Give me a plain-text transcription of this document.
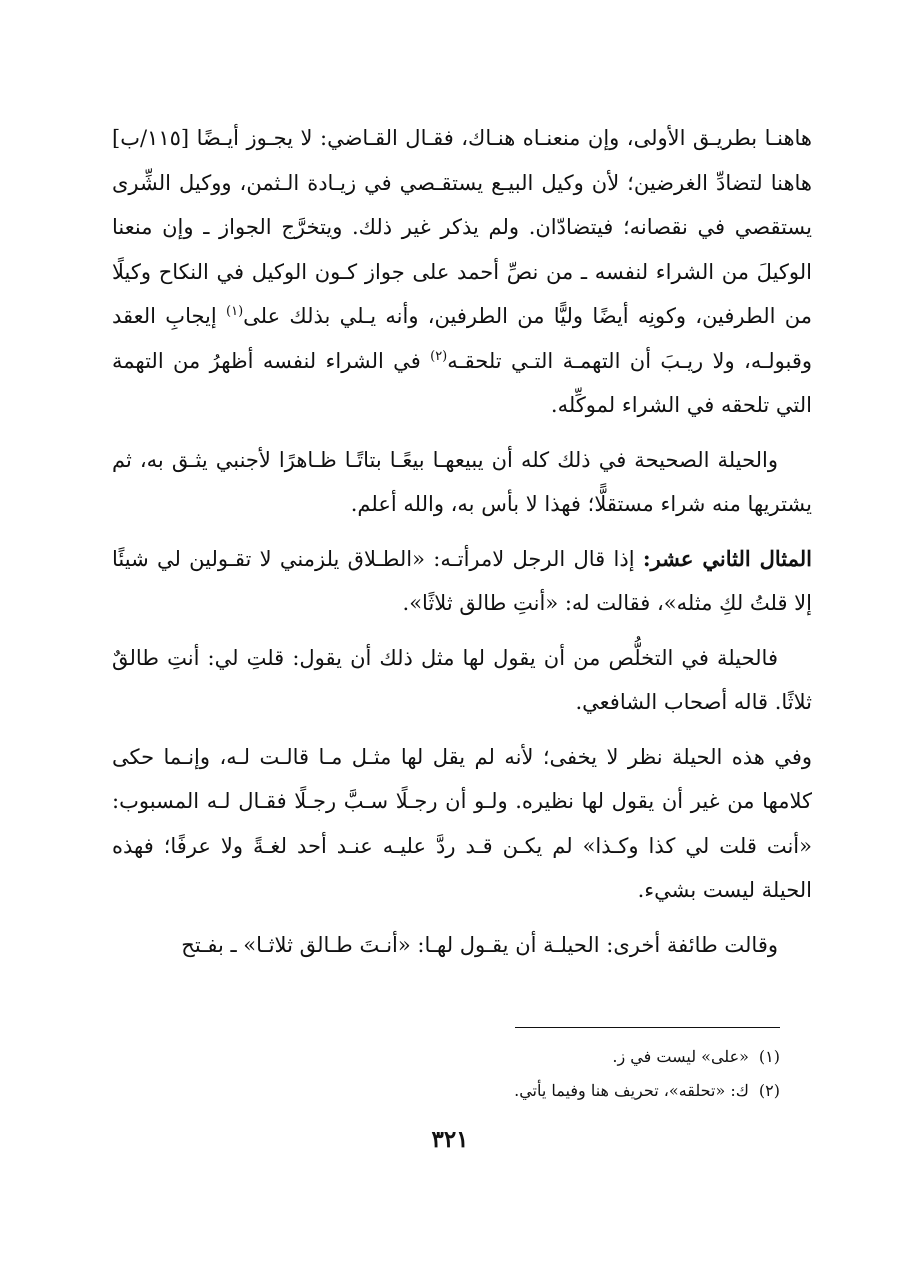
هاهنـا بطريـق الأولى، وإن منعنـاه هنـاك، فقـال القـاضي: لا يجـوز أيـضًا [١١٥/ب] هاهنا لتضادِّ الغرضين؛ لأن وكيل البيـع يستقـصي في زيـادة الـثمن، ووكيل الشِّرى يستقصي في نقصانه؛ فيتضادّان. ولم يذكر غير ذلك. ويتخرَّج الجواز ـ وإن منعنا الوكيلَ من الشراء لنفسه ـ من نصِّ أحمد على جواز كـون الوكيل في النكاح وكيلًا من الطرفين، وكونِه أيضًا وليًّا من الطرفين، وأنه يـلي بذلك على$^{(١)}$ إيجابِ العقد وقبولـه، ولا ريـبَ أن التهمـة التـي تلحقـه$^{(٢)}$ في الشراء لنفسه أظهرُ من التهمة التي تلحقه في الشراء لموكِّله.

والحيلة الصحيحة في ذلك كله أن يبيعهـا بيعًـا بتاتًـا ظـاهرًا لأجنبي يثـق به، ثم يشتريها منه شراء مستقلًّا؛ فهذا لا بأس به، والله أعلم.

المثال الثاني عشر: إذا قال الرجل لامرأتـه: «الطـلاق يلزمني لا تقـولين لي شيئًا إلا قلتُ لكِ مثله»، فقالت له: «أنتِ طالق ثلاثًا».

فالحيلة في التخلُّص من أن يقول لها مثل ذلك أن يقول: قلتِ لي: أنتِ طالقٌ ثلاثًا. قاله أصحاب الشافعي.

وفي هذه الحيلة نظر لا يخفى؛ لأنه لم يقل لها مثـل مـا قالـت لـه، وإنـما حكى كلامها من غير أن يقول لها نظيره. ولـو أن رجـلًا سـبَّ رجـلًا فقـال لـه المسبوب: «أنت قلت لي كذا وكـذا» لم يكـن قـد ردَّ عليـه عنـد أحد لغـةً ولا عرفًا؛ فهذه الحيلة ليست بشيء.

وقالت طائفة أخرى: الحيلـة أن يقـول لهـا: «أنـتَ طـالق ثلاثـا» ـ بفـتح

(١)«على» ليست في ز.

(٢)ك: «تحلقه»، تحريف هنا وفيما يأتي.

٣٢١
